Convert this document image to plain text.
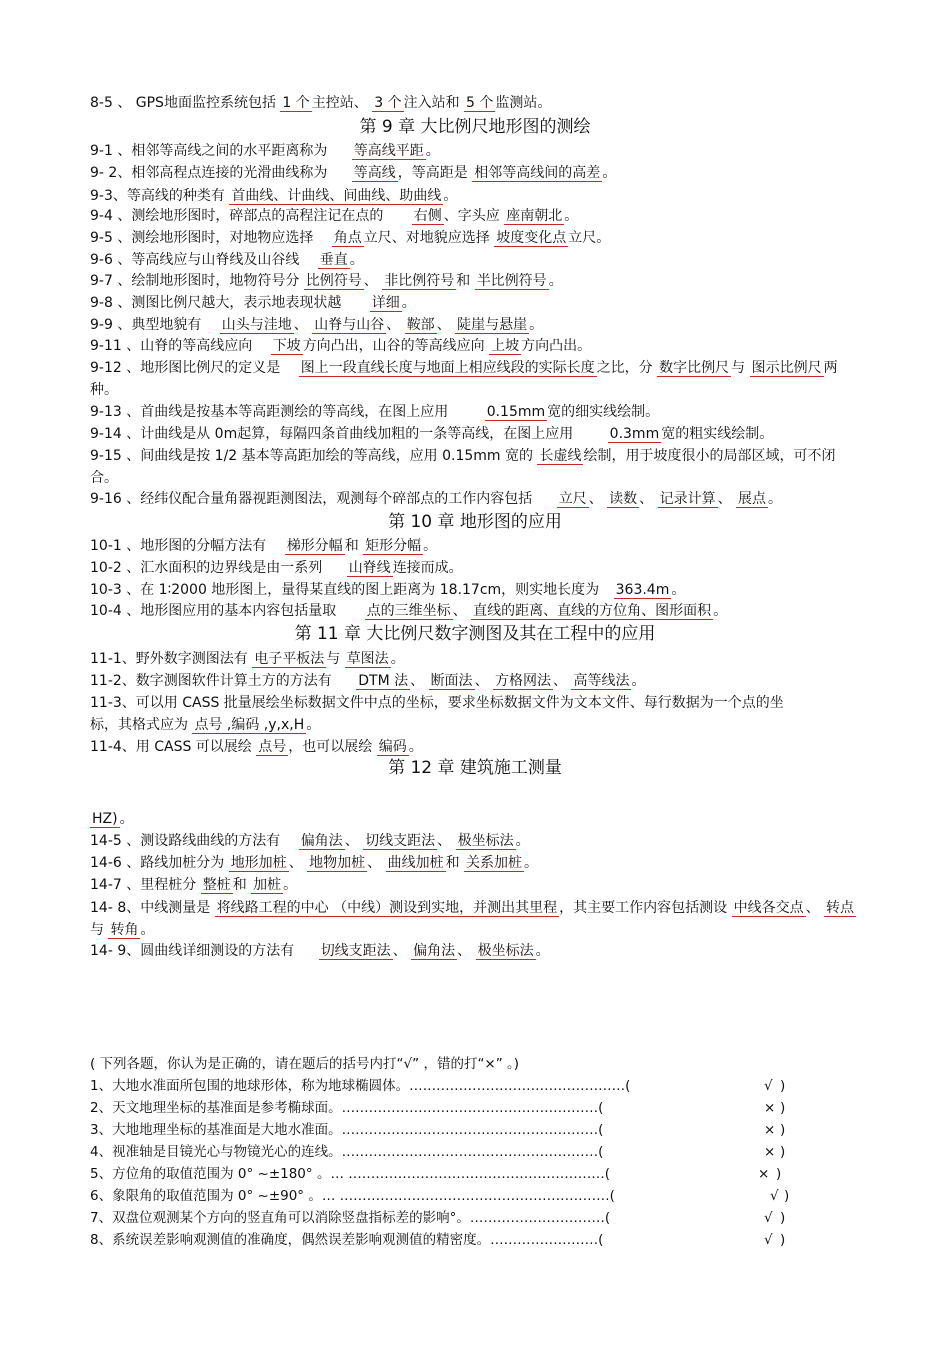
8-5 、 GPS地面监控系统包括 1 个 主控站、 3 个 注入站和 5 个 监测站。
第 9 章 大比例尺地形图的测绘
9-1 、相邻等高线之间的水平距离称为 等高线平距 。
9- 2、相邻高程点连接的光滑曲线称为 等高线 ，等高距是 相邻等高线间的高差 。
9-3、等高线的种类有 首曲线、计曲线、间曲线、助曲线 。
9-4 、测绘地形图时，碎部点的高程注记在点的 右侧 、字头应 座南朝北 。
9-5 、测绘地形图时，对地物应选择 角点 立尺、对地貌应选择 坡度变化点 立尺。
9-6 、等高线应与山脊线及山谷线 垂直 。
9-7 、绘制地形图时，地物符号分 比例符号 、 非比例符号 和 半比例符号 。
9-8 、测图比例尺越大，表示地表现状越 详细 。
9-9 、典型地貌有 山头与洼地 、 山脊与山谷 、 鞍部 、 陡崖与悬崖 。
9-11 、山脊的等高线应向 下坡 方向凸出，山谷的等高线应向 上坡 方向凸出。
9-12 、地形图比例尺的定义是 图上一段直线长度与地面上相应线段的实际长度 之比，分 数字比例尺 与 图示比例尺 两种。
9-13 、首曲线是按基本等高距测绘的等高线，在图上应用	0.15mm 宽的细实线绘制。
9-14 、计曲线是从 0m起算，每隔四条首曲线加粗的一条等高线，在图上应用	0.3mm 宽的粗实线绘制。
9-15 、间曲线是按 1/2 基本等高距加绘的等高线，应用 0.15mm 宽的 长虚线 绘制，用于坡度很小的局部区域，可不闭合。
9-16 、经纬仪配合量角器视距测图法，观测每个碎部点的工作内容包括 立尺 、 读数 、 记录计算 、 展点 。
第 10 章 地形图的应用
10-1 、地形图的分幅方法有 梯形分幅 和 矩形分幅 。
10-2 、汇水面积的边界线是由一系列 山脊线 连接而成。
10-3 、在 1∶2000 地形图上，量得某直线的图上距离为 18.17cm，则实地长度为 363.4m 。
10-4 、地形图应用的基本内容包括量取 点的三维坐标 、 直线的距离、直线的方位角、图形面积 。
第 11 章 大比例尺数字测图及其在工程中的应用
11-1、野外数字测图法有 电子平板法 与 草图法 。
11-2、数字测图软件计算土方的方法有 DTM 法 、 断面法 、 方格网法 、 高等线法 。
11-3、可以用 CASS 批量展绘坐标数据文件中点的坐标，要求坐标数据文件为文本文件、每行数据为一个点的坐标，其格式应为 点号 ,编码 ,y,x,H 。
11-4、用 CASS 可以展绘 点号 ，也可以展绘 编码 。
第 12 章 建筑施工测量
HZ) 。
14-5 、测设路线曲线的方法有 偏角法 、 切线支距法 、 极坐标法 。
14-6 、路线加桩分为 地形加桩 、 地物加桩 、 曲线加桩 和 关系加桩 。
14-7 、里程桩分 整桩 和 加桩 。
14- 8、中线测量是 将线路工程的中心 （中线）测设到实地，并测出其里程 ，其主要工作内容包括测设 中线各交点 、 转点与 转角 。
14- 9、圆曲线详细测设的方法有 切线支距法 、 偏角法 、 极坐标法 。
( 下列各题，你认为是正确的，请在题后的括号内打“√” ，错的打“×” 。)
1、大地水准面所包围的地球形体，称为地球椭圆体。…………………………………………(	√ )
2、天文地理坐标的基准面是参考椭球面。…………………………………………………(	× )
3、大地地理坐标的基准面是大地水准面。…………………………………………………(	× )
4、视准轴是目镜光心与物镜光心的连线。…………………………………………………(	× )
5、方位角的取值范围为 0° ~±180° 。… …………………………………………………(	× )
6、象限角的取值范围为 0° ~±90° 。… ……………………………………………………(	√ )
7、双盘位观测某个方向的竖直角可以消除竖盘指标差的影响°。…………………………(	√ )
8、系统误差影响观测值的准确度，偶然误差影响观测值的精密度。……………………(	√ )
